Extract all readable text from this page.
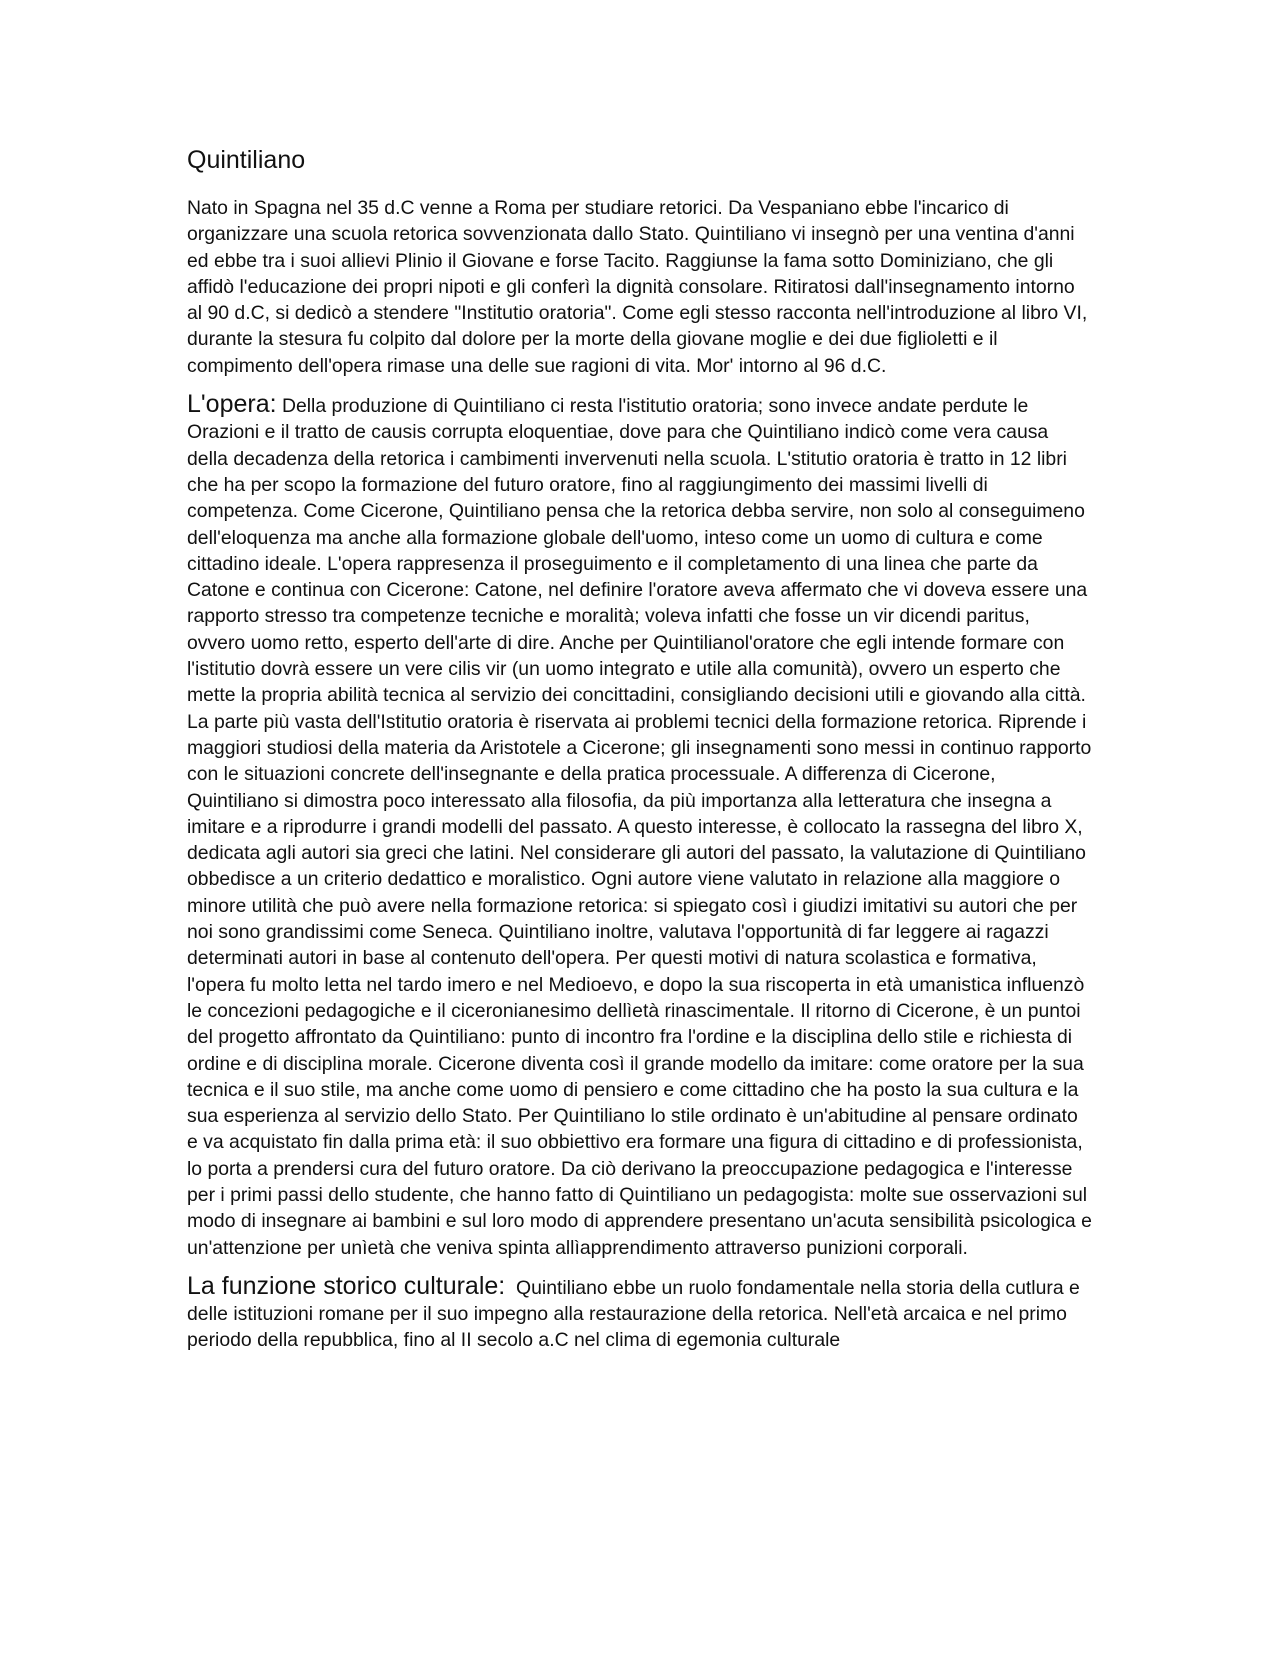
Quintiliano

Nato in Spagna nel 35 d.C venne a Roma per studiare retorici. Da Vespaniano ebbe l'incarico di organizzare una scuola retorica sovvenzionata dallo Stato. Quintiliano vi insegnò per una ventina d'anni ed ebbe tra i suoi allievi Plinio il Giovane e forse Tacito. Raggiunse la fama sotto Dominiziano, che gli affidò l'educazione dei propri nipoti e gli conferì la dignità consolare. Ritiratosi dall'insegnamento intorno al 90 d.C, si dedicò a stendere "Institutio oratoria". Come egli stesso racconta nell'introduzione al libro VI, durante la stesura fu colpito dal dolore per la morte della giovane moglie e dei due figlioletti e il compimento dell'opera rimase una delle sue ragioni di vita. Mor' intorno al 96 d.C.

L'opera: Della produzione di Quintiliano ci resta l'istitutio oratoria; sono invece andate perdute le Orazioni e il tratto de causis corrupta eloquentiae, dove para che Quintiliano indicò come vera causa della decadenza della retorica i cambimenti invervenuti nella scuola. L'stitutio oratoria è tratto in 12 libri che ha per scopo la formazione del futuro oratore, fino al raggiungimento dei massimi livelli di competenza. Come Cicerone, Quintiliano pensa che la retorica debba servire, non solo al conseguimeno dell'eloquenza ma anche alla formazione globale dell'uomo, inteso come un uomo di cultura e come cittadino ideale. L'opera rappresenza il proseguimento e il completamento di una linea che parte da Catone e continua con Cicerone: Catone, nel definire l'oratore aveva affermato che vi doveva essere una rapporto stresso tra competenze tecniche e moralità; voleva infatti che fosse un vir dicendi paritus, ovvero uomo retto, esperto dell'arte di dire. Anche per Quintilianol'oratore che egli intende formare con l'istitutio dovrà essere un vere cilis vir (un uomo integrato e utile alla comunità), ovvero un esperto che mette la propria abilità tecnica al servizio dei concittadini, consigliando decisioni utili e giovando alla città. La parte più vasta dell'Istitutio oratoria è riservata ai problemi tecnici della formazione retorica. Riprende i maggiori studiosi della materia da Aristotele a Cicerone; gli insegnamenti sono messi in continuo rapporto con le situazioni concrete dell'insegnante e della pratica processuale. A differenza di Cicerone, Quintiliano si dimostra poco interessato alla filosofia, da più importanza alla letteratura che insegna a imitare e a riprodurre i grandi modelli del passato. A questo interesse, è collocato la rassegna del libro X, dedicata agli autori sia greci che latini. Nel considerare gli autori del passato, la valutazione di Quintiliano obbedisce a un criterio dedattico e moralistico. Ogni autore viene valutato in relazione alla maggiore o minore utilità che può avere nella formazione retorica: si spiegato così i giudizi imitativi su autori che per noi sono grandissimi come Seneca. Quintiliano inoltre, valutava l'opportunità di far leggere ai ragazzi determinati autori in base al contenuto dell'opera. Per questi motivi di natura scolastica e formativa, l'opera fu molto letta nel tardo imero e nel Medioevo, e dopo la sua riscoperta in età umanistica influenzò le concezioni pedagogiche e il ciceronianesimo dellìetà rinascimentale. Il ritorno di Cicerone, è un puntoi del progetto affrontato da Quintiliano: punto di incontro fra l'ordine e la disciplina dello stile e richiesta di ordine e di disciplina morale. Cicerone diventa così il grande modello da imitare: come oratore per la sua tecnica e il suo stile, ma anche come uomo di pensiero e come cittadino che ha posto la sua cultura e la sua esperienza al servizio dello Stato. Per Quintiliano lo stile ordinato è un'abitudine al pensare ordinato e va acquistato fin dalla prima età: il suo obbiettivo era formare una figura di cittadino e di professionista, lo porta a prendersi cura del futuro oratore. Da ciò derivano la preoccupazione pedagogica e l'interesse per i primi passi dello studente, che hanno fatto di Quintiliano un pedagogista: molte sue osservazioni sul modo di insegnare ai bambini e sul loro modo di apprendere presentano un'acuta sensibilità psicologica e un'attenzione per unìetà che veniva spinta allìapprendimento attraverso punizioni corporali.

La funzione storico culturale:  Quintiliano ebbe un ruolo fondamentale nella storia della cutlura e delle istituzioni romane per il suo impegno alla restaurazione della retorica. Nell'età arcaica e nel primo periodo della repubblica, fino al II secolo a.C nel clima di egemonia culturale
